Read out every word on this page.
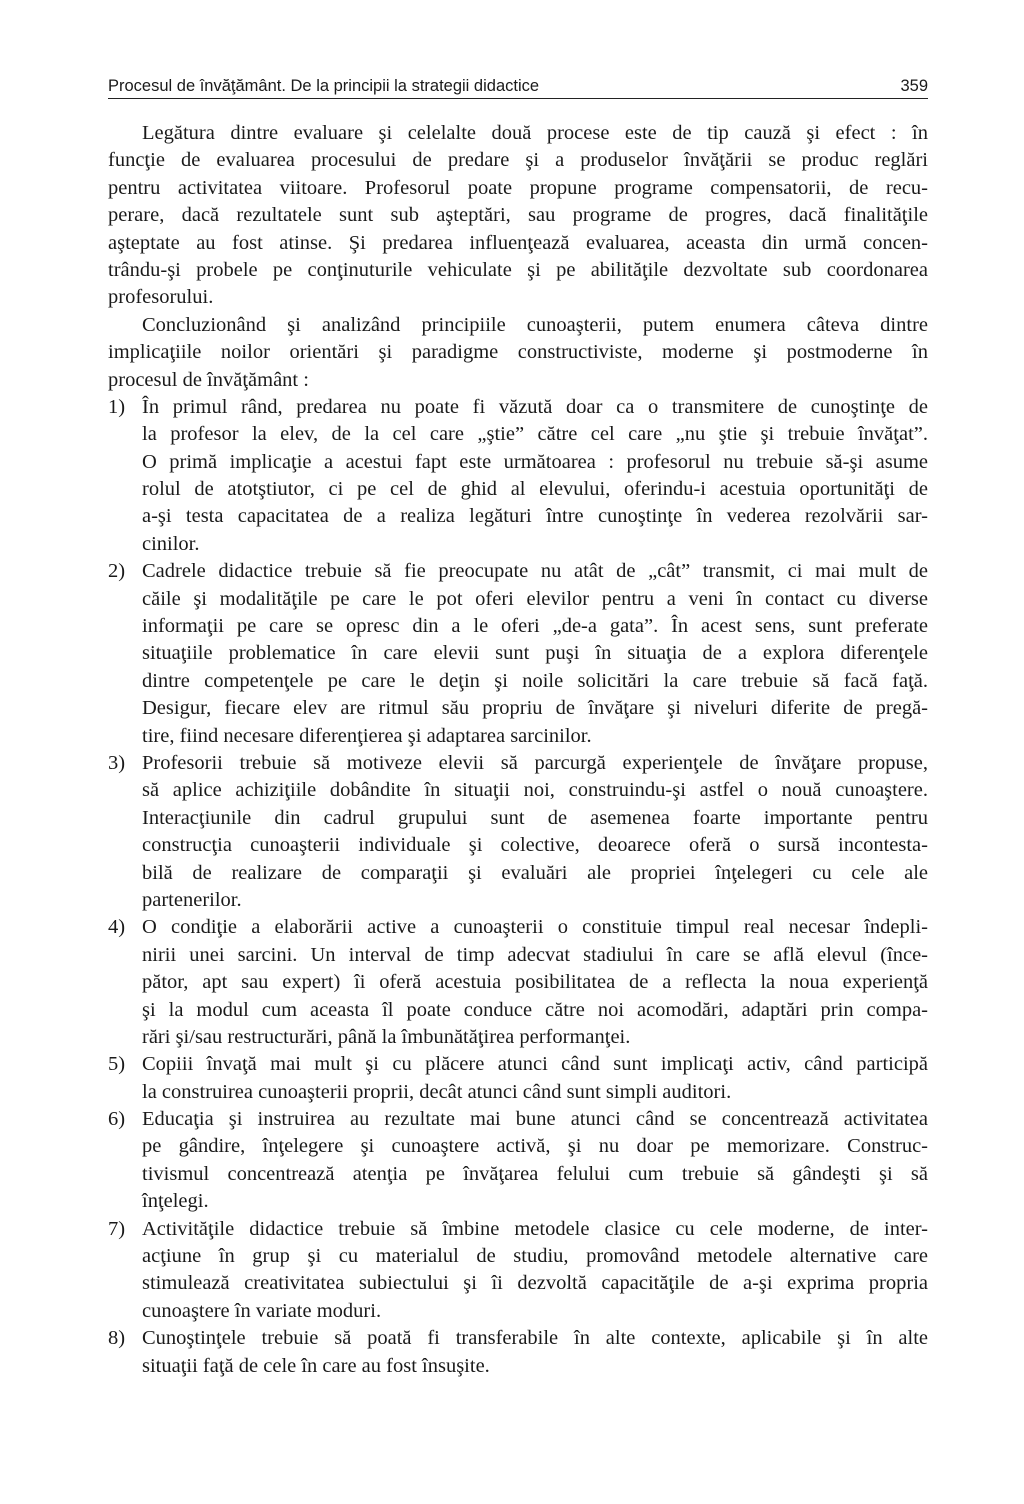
Procesul de învăţământ. De la principii la strategii didactice	359
Legătura dintre evaluare şi celelalte două procese este de tip cauză şi efect : în
funcţie de evaluarea procesului de predare şi a produselor învăţării se produc reglări
pentru activitatea viitoare. Profesorul poate propune programe compensatorii, de recu-
perare, dacă rezultatele sunt sub aşteptări, sau programe de progres, dacă finalităţile
aşteptate au fost atinse. Şi predarea influenţează evaluarea, aceasta din urmă concen-
trându-şi probele pe conţinuturile vehiculate şi pe abilităţile dezvoltate sub coordonarea
profesorului.
Concluzionând şi analizând principiile cunoaşterii, putem enumera câteva dintre
implicaţiile noilor orientări şi paradigme constructiviste, moderne şi postmoderne în
procesul de învăţământ :
1) În primul rând, predarea nu poate fi văzută doar ca o transmitere de cunoştinţe de
la profesor la elev, de la cel care „ştie” către cel care „nu ştie şi trebuie învăţat”.
O primă implicaţie a acestui fapt este următoarea : profesorul nu trebuie să-şi asume
rolul de atotştiutor, ci pe cel de ghid al elevului, oferindu-i acestuia oportunităţi de
a-şi testa capacitatea de a realiza legături între cunoştinţe în vederea rezolvării sar-
cinilor.
2) Cadrele didactice trebuie să fie preocupate nu atât de „cât” transmit, ci mai mult de
căile şi modalităţile pe care le pot oferi elevilor pentru a veni în contact cu diverse
informaţii pe care se opresc din a le oferi „de-a gata”. În acest sens, sunt preferate
situaţiile problematice în care elevii sunt puşi în situaţia de a explora diferenţele
dintre competenţele pe care le deţin şi noile solicitări la care trebuie să facă faţă.
Desigur, fiecare elev are ritmul său propriu de învăţare şi niveluri diferite de pregă-
tire, fiind necesare diferenţierea şi adaptarea sarcinilor.
3) Profesorii trebuie să motiveze elevii să parcurgă experienţele de învăţare propuse,
să aplice achiziţiile dobândite în situaţii noi, construindu-şi astfel o nouă cunoaştere.
Interacţiunile din cadrul grupului sunt de asemenea foarte importante pentru
construcţia cunoaşterii individuale şi colective, deoarece oferă o sursă incontesta-
bilă de realizare de comparaţii şi evaluări ale propriei înţelegeri cu cele ale
partenerilor.
4) O condiţie a elaborării active a cunoaşterii o constituie timpul real necesar îndepli-
nirii unei sarcini. Un interval de timp adecvat stadiului în care se află elevul (înce-
pător, apt sau expert) îi oferă acestuia posibilitatea de a reflecta la noua experienţă
şi la modul cum aceasta îl poate conduce către noi acomodări, adaptări prin compa-
rări şi/sau restructurări, până la îmbunătăţirea performanţei.
5) Copiii învaţă mai mult şi cu plăcere atunci când sunt implicaţi activ, când participă
la construirea cunoaşterii proprii, decât atunci când sunt simpli auditori.
6) Educaţia şi instruirea au rezultate mai bune atunci când se concentrează activitatea
pe gândire, înţelegere şi cunoaştere activă, şi nu doar pe memorizare. Construc-
tivismul concentrează atenţia pe învăţarea felului cum trebuie să gândeşti şi să
înţelegi.
7) Activităţile didactice trebuie să îmbine metodele clasice cu cele moderne, de inter-
acţiune în grup şi cu materialul de studiu, promovând metodele alternative care
stimulează creativitatea subiectului şi îi dezvoltă capacităţile de a-şi exprima propria
cunoaştere în variate moduri.
8) Cunoştinţele trebuie să poată fi transferabile în alte contexte, aplicabile şi în alte
situaţii faţă de cele în care au fost însuşite.
